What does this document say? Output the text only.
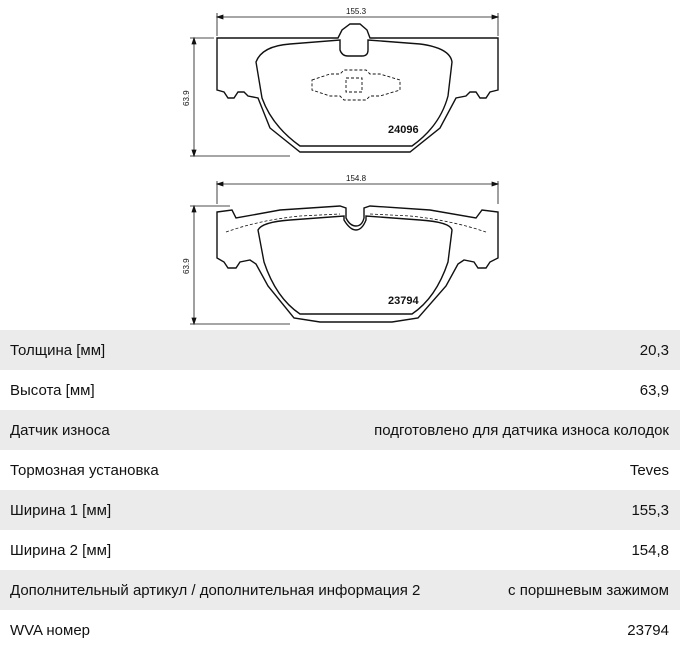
24096
155.3
63.9
23794
154.8
63.9
Толщина [мм]	20,3
Высота [мм]	63,9
Датчик износа	подготовлено для датчика износа колодок
Тормозная установка	Teves
Ширина 1 [мм]	155,3
Ширина 2 [мм]	154,8
Дополнительный артикул / дополнительная информация 2	с поршневым зажимом
WVA номер	23794
